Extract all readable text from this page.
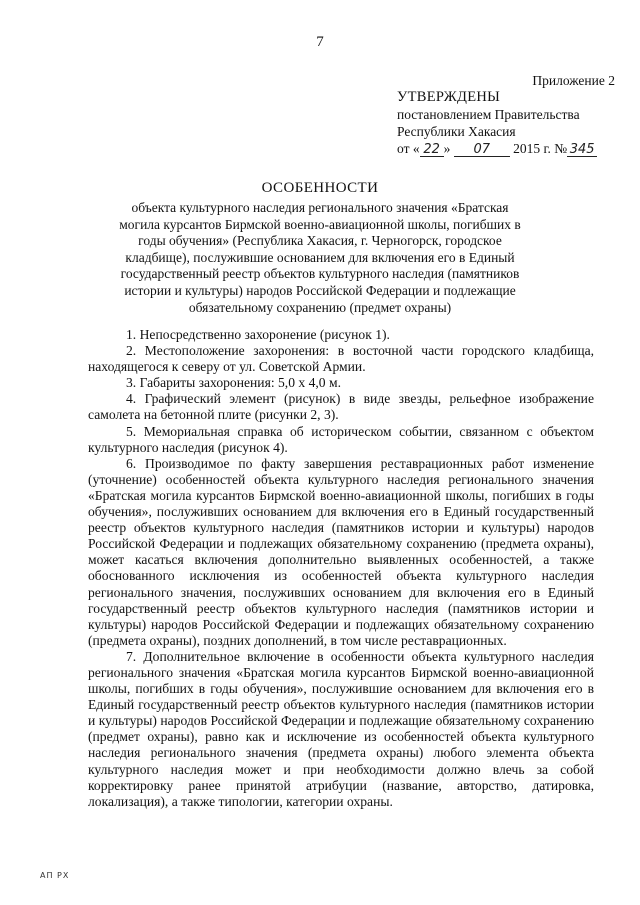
7
Приложение 2
УТВЕРЖДЕНЫ
постановлением Правительства
Республики Хакасия
от « 22 » 07 2015 г. № 345
ОСОБЕННОСТИ
объекта культурного наследия регионального значения «Братская могила курсантов Бирмской военно-авиационной школы, погибших в годы обучения» (Республика Хакасия, г. Черногорск, городское кладбище), послужившие основанием для включения его в Единый государственный реестр объектов культурного наследия (памятников истории и культуры) народов Российской Федерации и подлежащие обязательному сохранению (предмет охраны)

1. Непосредственно захоронение (рисунок 1).

2. Местоположение захоронения: в восточной части городского кладбища, находящегося к северу от ул. Советской Армии.

3. Габариты захоронения: 5,0 х 4,0 м.

4. Графический элемент (рисунок) в виде звезды, рельефное изображение самолета на бетонной плите (рисунки 2, 3).

5. Мемориальная справка об историческом событии, связанном с объектом культурного наследия (рисунок 4).

6. Производимое по факту завершения реставрационных работ изменение (уточнение) особенностей объекта культурного наследия регионального значения «Братская могила курсантов Бирмской военно-авиационной школы, погибших в годы обучения», послуживших основанием для включения его в Единый государственный реестр объектов культурного наследия (памятников истории и культуры) народов Российской Федерации и подлежащих обязательному сохранению (предмета охраны), может касаться включения дополнительно выявленных особенностей, а также обоснованного исключения из особенностей объекта культурного наследия регионального значения, послуживших основанием для включения его в Единый государственный реестр объектов культурного наследия (памятников истории и культуры) народов Российской Федерации и подлежащих обязательному сохранению (предмета охраны), поздних дополнений, в том числе реставрационных.

7. Дополнительное включение в особенности объекта культурного наследия регионального значения «Братская могила курсантов Бирмской военно-авиационной школы, погибших в годы обучения», послужившие основанием для включения его в Единый государственный реестр объектов культурного наследия (памятников истории и культуры) народов Российской Федерации и подлежащие обязательному сохранению (предмет охраны), равно как и исключение из особенностей объекта культурного наследия регионального значения (предмета охраны) любого элемента объекта культурного наследия может и при необходимости должно влечь за собой корректировку ранее принятой атрибуции (название, авторство, датировка, локализация), а также типологии, категории охраны.

АП РХ
